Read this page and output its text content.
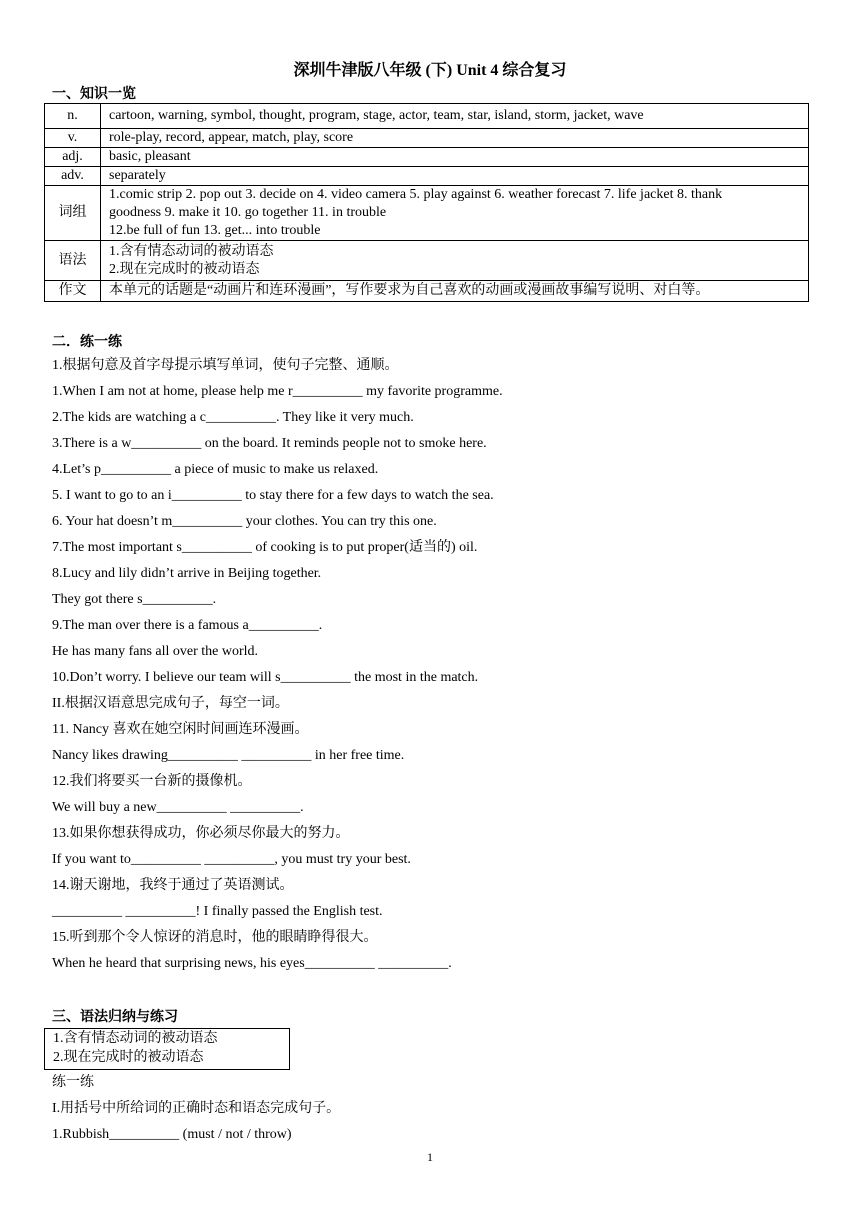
深圳牛津版八年级 (下) Unit 4 综合复习
一、知识一览
n.	cartoon, warning, symbol, thought, program, stage, actor, team, star, island, storm, jacket, wave

v.	role-play, record, appear, match, play, score

adj.	basic, pleasant

adv.	separately

词组	1.comic strip 2. pop out 3. decide on 4. video camera 5. play against 6. weather forecast 7. life jacket 8. thank
goodness 9. make it 10. go together 11. in trouble
12.be full of fun 13. get... into trouble

语法	1.含有情态动词的被动语态
2.现在完成时的被动语态

作文	本单元的话题是“动画片和连环漫画”，写作要求为自己喜欢的动画或漫画故事编写说明、对白等。
二．练一练
1.根据句意及首字母提示填写单词，使句子完整、通顺。
1.When I am not at home, please help me r__________ my favorite programme.
2.The kids are watching a c__________. They like it very much.
3.There is a w__________ on the board. It reminds people not to smoke here.
4.Let’s p__________ a piece of music to make us relaxed.
5. I want to go to an i__________ to stay there for a few days to watch the sea.
6. Your hat doesn’t m__________ your clothes. You can try this one.
7.The most important s__________ of cooking is to put proper(适当的) oil.
8.Lucy and lily didn’t arrive in Beijing together.
They got there s__________.
9.The man over there is a famous a__________.
He has many fans all over the world.
10.Don’t worry. I believe our team will s__________ the most in the match.
II.根据汉语意思完成句子，每空一词。
11. Nancy 喜欢在她空闲时间画连环漫画。
Nancy likes drawing__________ __________ in her free time.
12.我们将要买一台新的摄像机。
We will buy a new__________ __________.
13.如果你想获得成功，你必须尽你最大的努力。
If you want to__________ __________, you must try your best.
14.谢天谢地，我终于通过了英语测试。
__________ __________! I finally passed the English test.
15.听到那个令人惊讶的消息时，他的眼睛睁得很大。
When he heard that surprising news, his eyes__________ __________.
三、语法归纳与练习
1.含有情态动词的被动语态
2.现在完成时的被动语态
练一练
I.用括号中所给词的正确时态和语态完成句子。
1.Rubbish__________ (must / not / throw)
1
